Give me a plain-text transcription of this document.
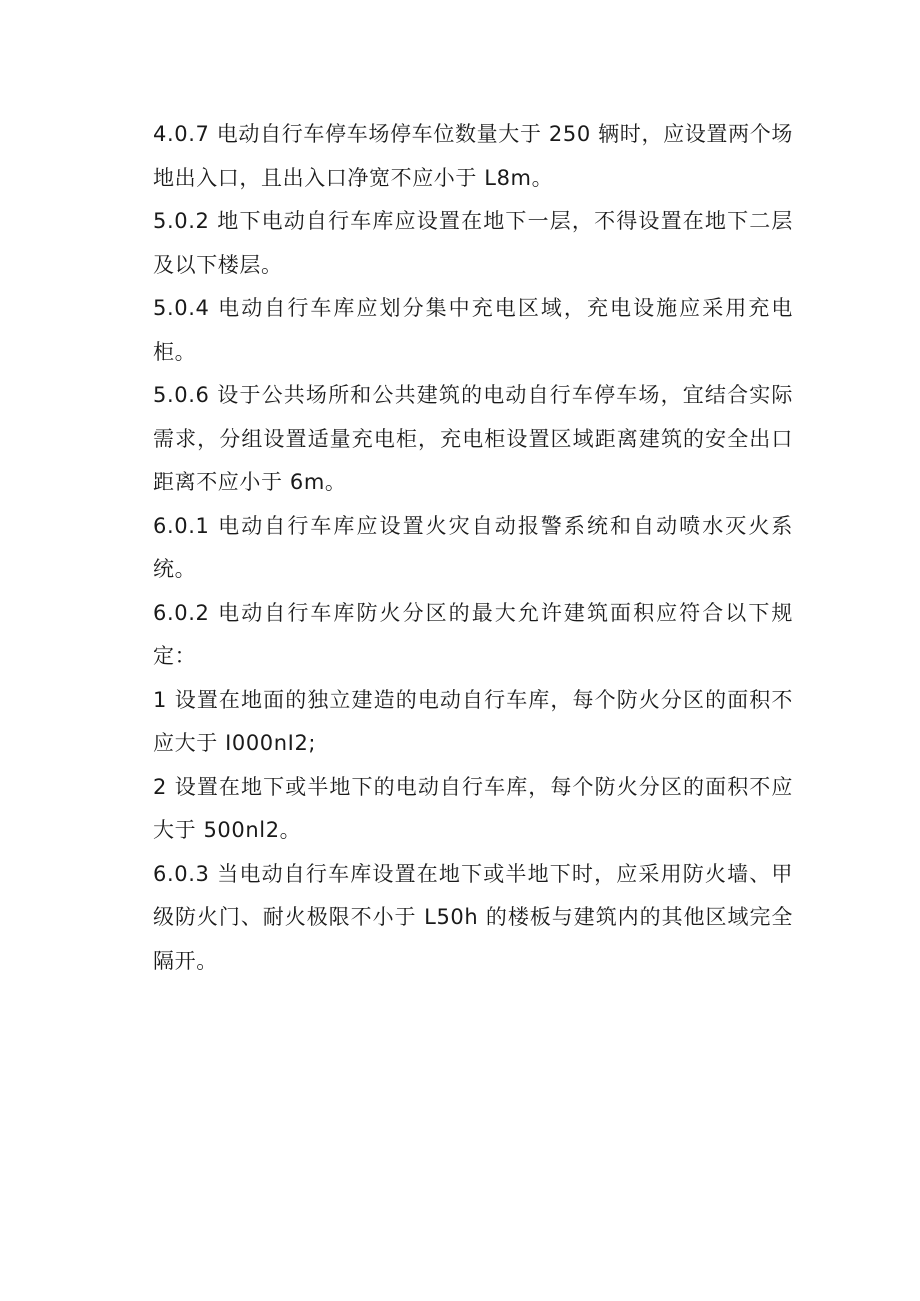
4.0.7 电动自行车停车场停车位数量大于 250 辆时，应设置两个场地出入口，且出入口净宽不应小于 L8m。

5.0.2 地下电动自行车库应设置在地下一层，不得设置在地下二层及以下楼层。

5.0.4 电动自行车库应划分集中充电区域，充电设施应采用充电柜。

5.0.6 设于公共场所和公共建筑的电动自行车停车场，宜结合实际需求，分组设置适量充电柜，充电柜设置区域距离建筑的安全出口距离不应小于 6m。

6.0.1 电动自行车库应设置火灾自动报警系统和自动喷水灭火系统。

6.0.2 电动自行车库防火分区的最大允许建筑面积应符合以下规定：

1 设置在地面的独立建造的电动自行车库，每个防火分区的面积不应大于 I000nI2;

2 设置在地下或半地下的电动自行车库，每个防火分区的面积不应大于 500nl2。

6.0.3 当电动自行车库设置在地下或半地下时，应采用防火墙、甲级防火门、耐火极限不小于 L50h 的楼板与建筑内的其他区域完全隔开。
